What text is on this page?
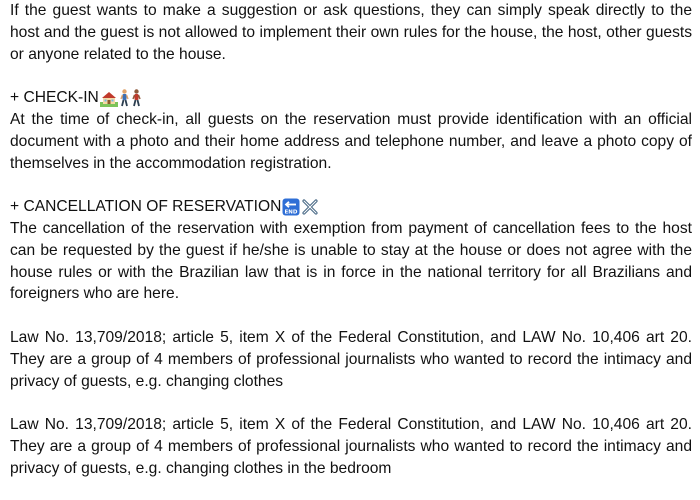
If the guest wants to make a suggestion or ask questions, they can simply speak directly to the host and the guest is not allowed to implement their own rules for the house, the host, other guests or anyone related to the house.

+ CHECK-IN

At the time of check-in, all guests on the reservation must provide identification with an official document with a photo and their home address and telephone number, and leave a photo copy of themselves in the accommodation registration.

+ CANCELLATION OF RESERVATION END

The cancellation of the reservation with exemption from payment of cancellation fees to the host can be requested by the guest if he/she is unable to stay at the house or does not agree with the house rules or with the Brazilian law that is in force in the national territory for all Brazilians and foreigners who are here.

Law No. 13,709/2018; article 5, item X of the Federal Constitution, and LAW No. 10,406 art 20. They are a group of 4 members of professional journalists who wanted to record the intimacy and privacy of guests, e.g. changing clothes

Law No. 13,709/2018; article 5, item X of the Federal Constitution, and LAW No. 10,406 art 20. They are a group of 4 members of professional journalists who wanted to record the intimacy and privacy of guests, e.g. changing clothes in the bedroom
